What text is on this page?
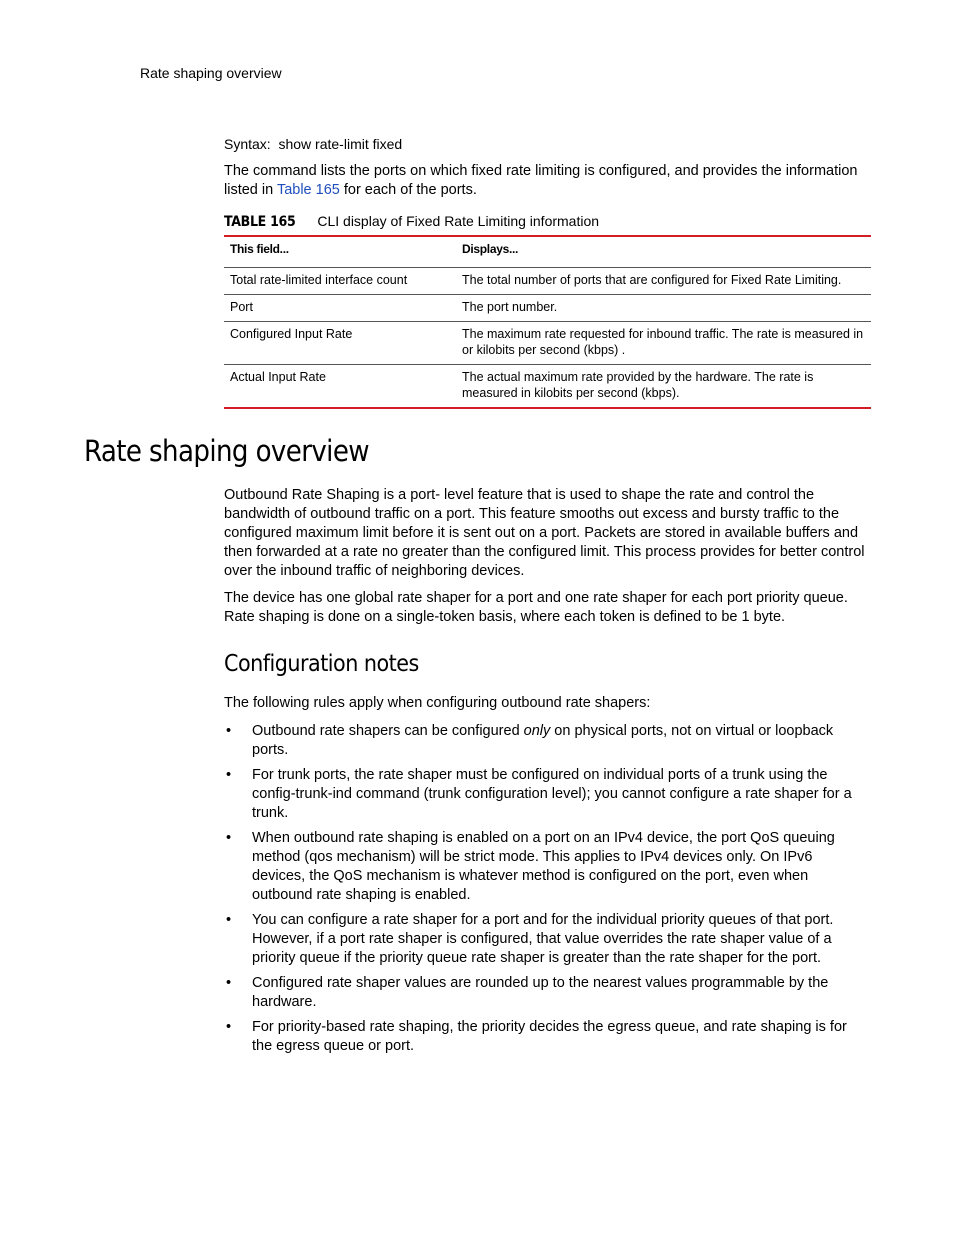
Rate shaping overview
Syntax: show rate-limit fixed

The command lists the ports on which fixed rate limiting is configured, and provides the information listed in Table 165 for each of the ports.

TABLE 165 CLI display of Fixed Rate Limiting information
This field...	Displays...
Total rate-limited interface count	The total number of ports that are configured for Fixed Rate Limiting.
Port	The port number.
Configured Input Rate	The maximum rate requested for inbound traffic. The rate is measured in or kilobits per second (kbps) .
Actual Input Rate	The actual maximum rate provided by the hardware. The rate is measured in kilobits per second (kbps).
Rate shaping overview

Outbound Rate Shaping is a port- level feature that is used to shape the rate and control the bandwidth of outbound traffic on a port. This feature smooths out excess and bursty traffic to the configured maximum limit before it is sent out on a port. Packets are stored in available buffers and then forwarded at a rate no greater than the configured limit. This process provides for better control over the inbound traffic of neighboring devices.

The device has one global rate shaper for a port and one rate shaper for each port priority queue. Rate shaping is done on a single-token basis, where each token is defined to be 1 byte.

Configuration notes

The following rules apply when configuring outbound rate shapers:

• Outbound rate shapers can be configured only on physical ports, not on virtual or loopback ports.
• For trunk ports, the rate shaper must be configured on individual ports of a trunk using the config-trunk-ind command (trunk configuration level); you cannot configure a rate shaper for a trunk.
• When outbound rate shaping is enabled on a port on an IPv4 device, the port QoS queuing method (qos mechanism) will be strict mode. This applies to IPv4 devices only. On IPv6 devices, the QoS mechanism is whatever method is configured on the port, even when outbound rate shaping is enabled.
• You can configure a rate shaper for a port and for the individual priority queues of that port. However, if a port rate shaper is configured, that value overrides the rate shaper value of a priority queue if the priority queue rate shaper is greater than the rate shaper for the port.
• Configured rate shaper values are rounded up to the nearest values programmable by the hardware.
• For priority-based rate shaping, the priority decides the egress queue, and rate shaping is for the egress queue or port.
